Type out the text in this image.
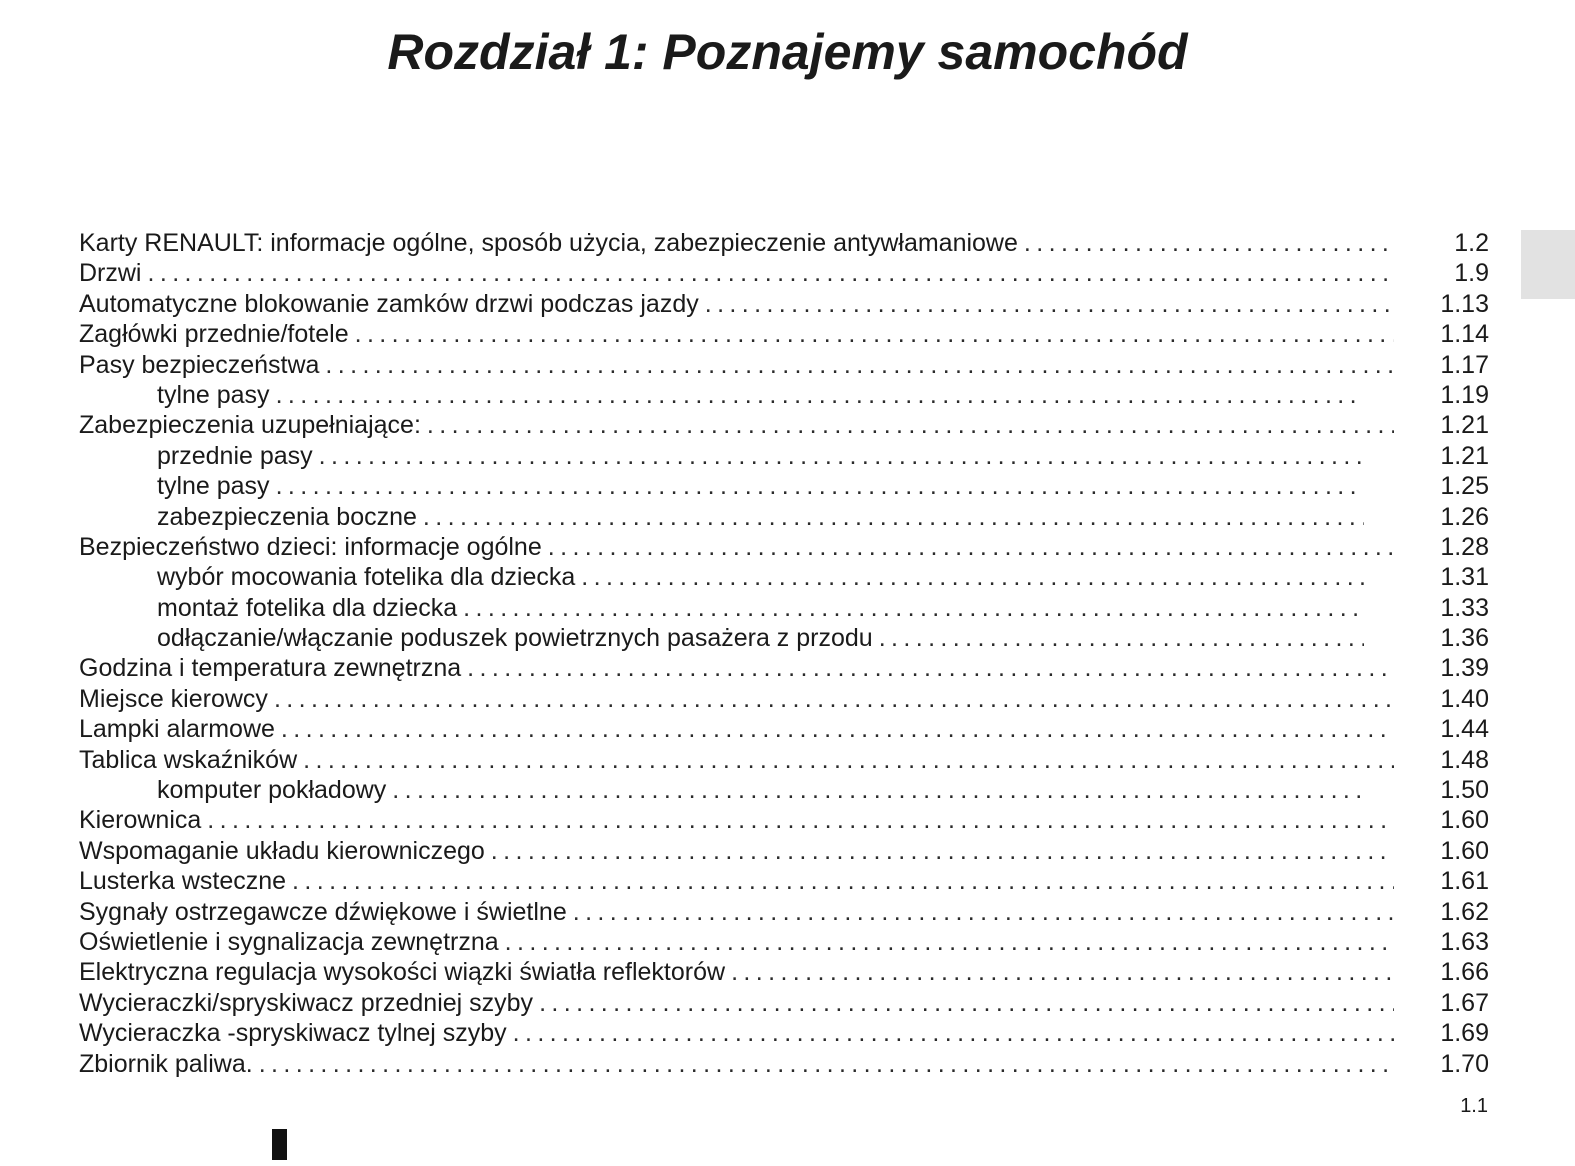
Rozdział 1: Poznajemy samochód
Karty RENAULT: informacje ogólne, sposób użycia, zabezpieczenie antywłamaniowe .....	1.2
Drzwi .....	1.9
Automatyczne blokowanie zamków drzwi podczas jazdy .....	1.13
Zagłówki przednie/fotele .....	1.14
Pasy bezpieczeństwa .....	1.17
tylne pasy .....	1.19
Zabezpieczenia uzupełniające: .....	1.21
przednie pasy .....	1.21
tylne pasy .....	1.25
zabezpieczenia boczne .....	1.26
Bezpieczeństwo dzieci: informacje ogólne .....	1.28
wybór mocowania fotelika dla dziecka .....	1.31
montaż fotelika dla dziecka .....	1.33
odłączanie/włączanie poduszek powietrznych pasażera z przodu .....	1.36
Godzina i temperatura zewnętrzna .....	1.39
Miejsce kierowcy .....	1.40
Lampki alarmowe .....	1.44
Tablica wskaźników .....	1.48
komputer pokładowy .....	1.50
Kierownica .....	1.60
Wspomaganie układu kierowniczego .....	1.60
Lusterka wsteczne .....	1.61
Sygnały ostrzegawcze dźwiękowe i świetlne .....	1.62
Oświetlenie i sygnalizacja zewnętrzna .....	1.63
Elektryczna regulacja wysokości wiązki światła reflektorów .....	1.66
Wycieraczki/spryskiwacz przedniej szyby .....	1.67
Wycieraczka -spryskiwacz tylnej szyby .....	1.69
Zbiornik paliwa. .....	1.70
1.1
